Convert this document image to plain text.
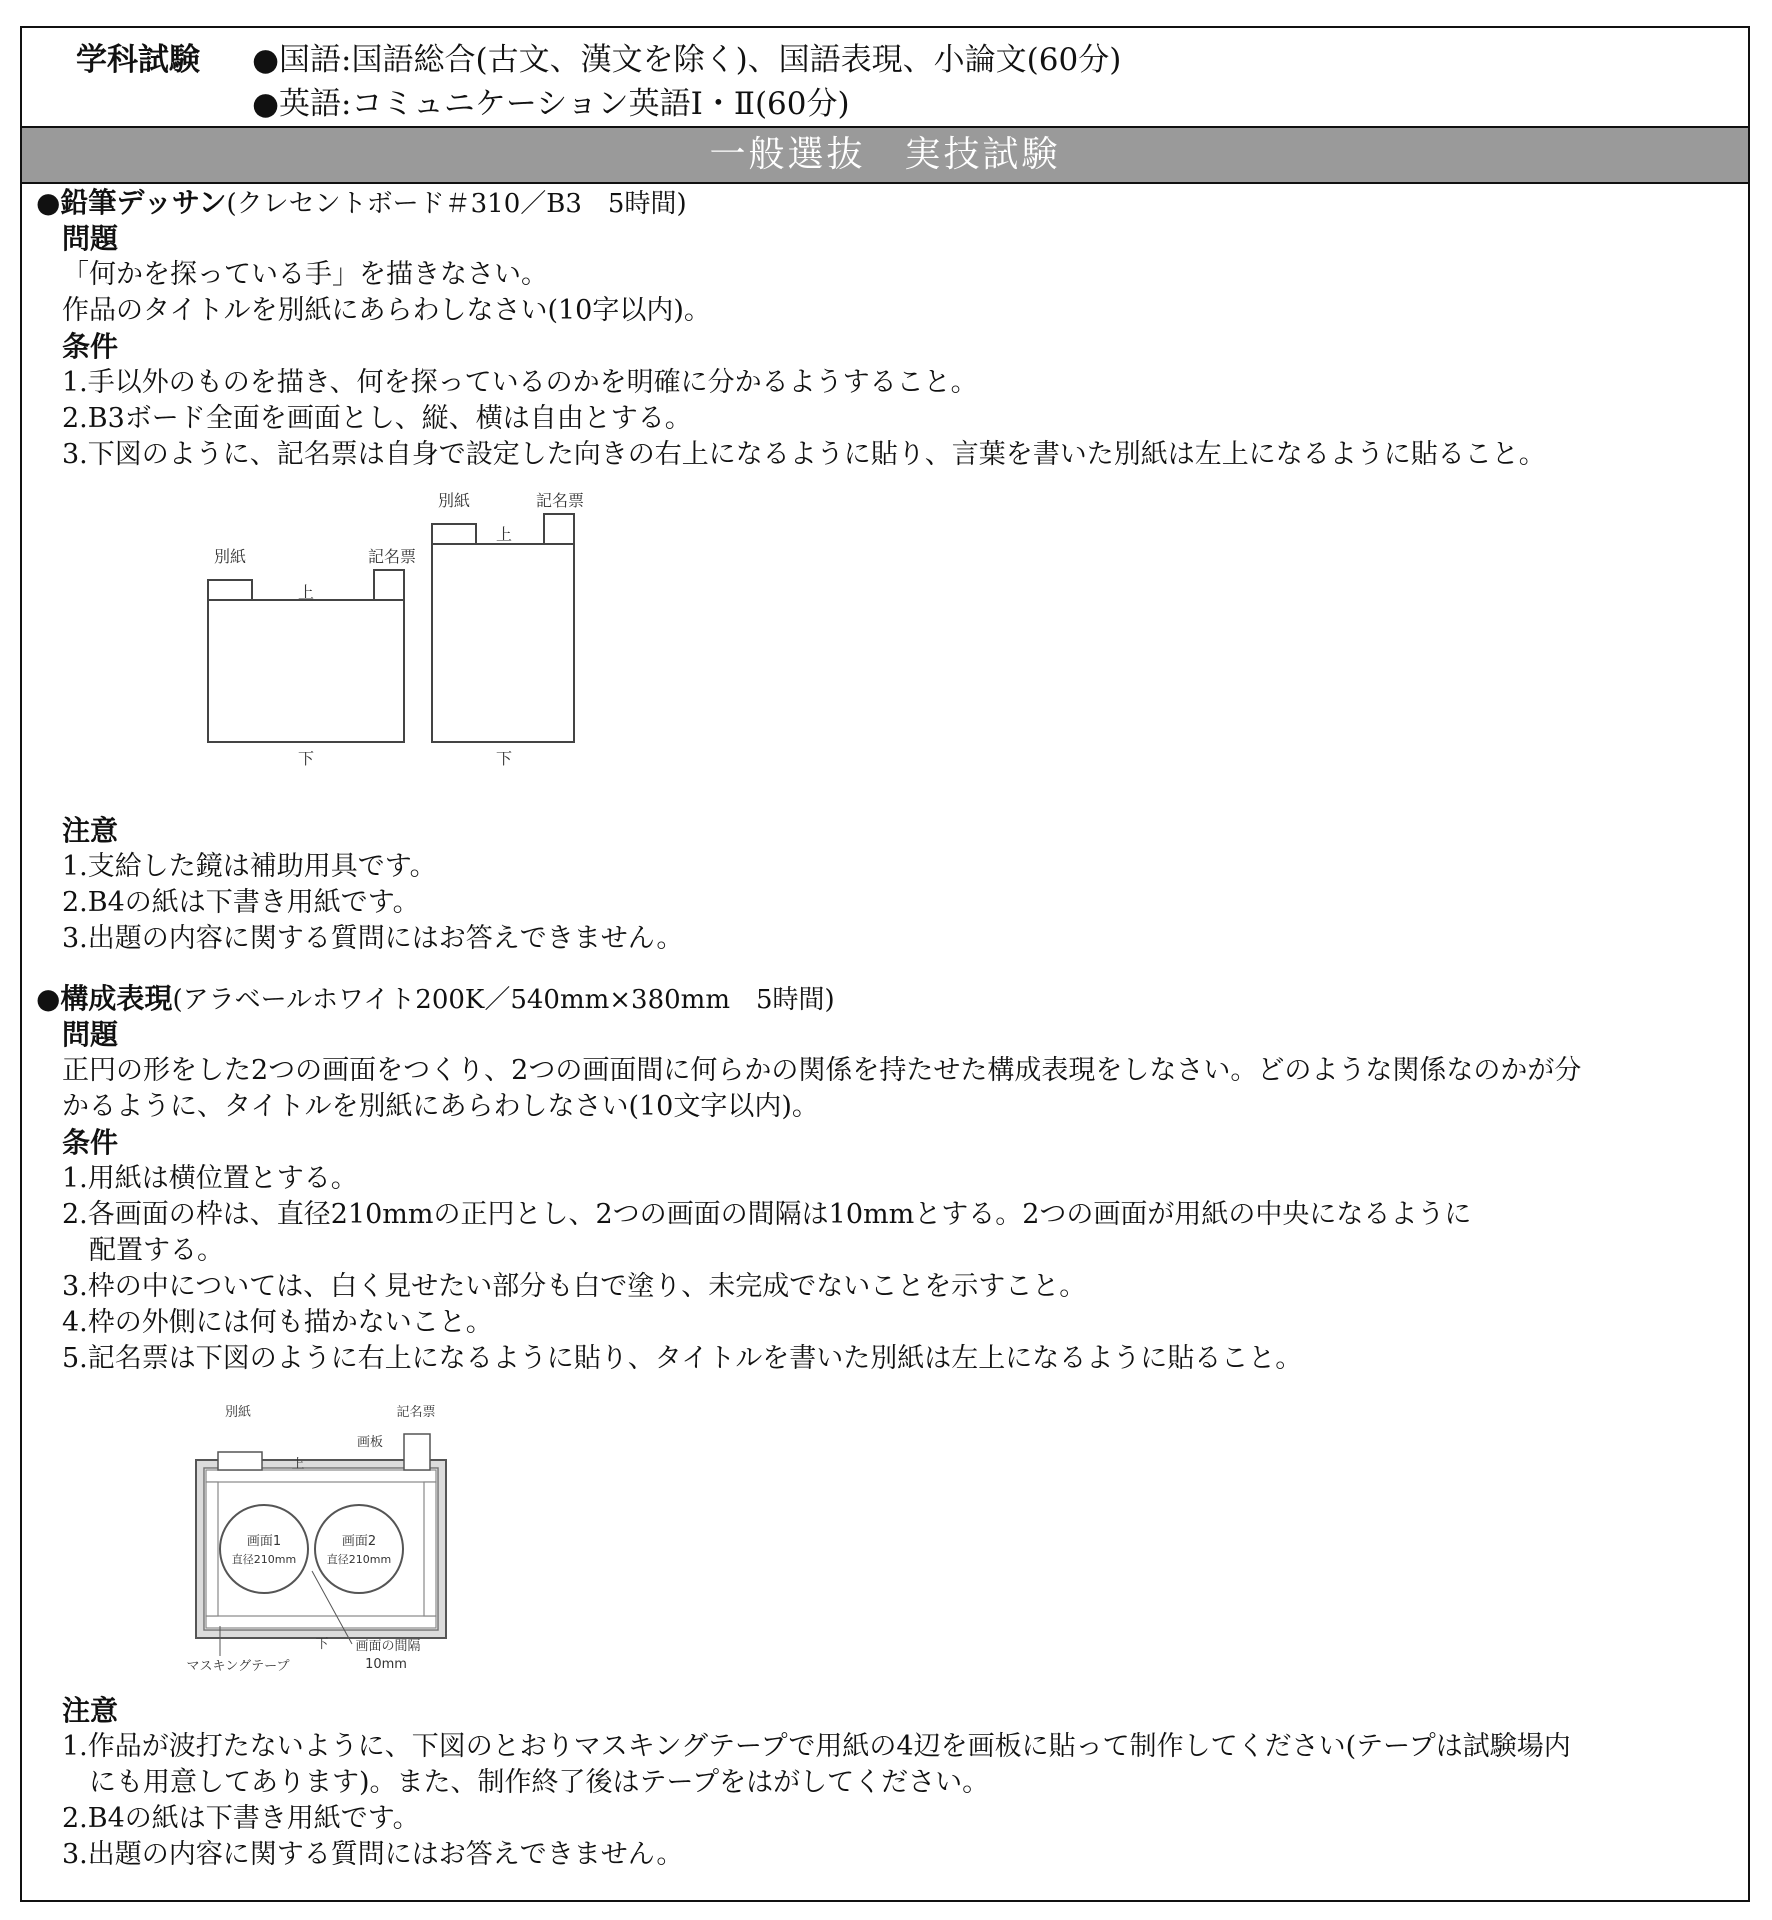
学科試験 ●国語:国語総合(古文、漢文を除く)、国語表現、小論文(60分)
●英語:コミュニケーション英語Ⅰ・Ⅱ(60分)
一般選抜　実技試験
●鉛筆デッサン(クレセントボード＃310／B3　5時間)
問題
「何かを探っている手」を描きなさい。
作品のタイトルを別紙にあらわしなさい(10字以内)。
条件
1.手以外のものを描き、何を探っているのかを明確に分かるようすること。
2.B3ボード全面を画面とし、縦、横は自由とする。
3.下図のように、記名票は自身で設定した向きの右上になるように貼り、言葉を書いた別紙は左上になるように貼ること。
別紙	記名票
上
下
別紙	記名票
上
下
注意
1.支給した鏡は補助用具です。
2.B4の紙は下書き用紙です。
3.出題の内容に関する質問にはお答えできません。
●構成表現(アラベールホワイト200K／540mm×380mm　5時間)
問題
正円の形をした2つの画面をつくり、2つの画面間に何らかの関係を持たせた構成表現をしなさい。どのような関係なのかが分
かるように、タイトルを別紙にあらわしなさい(10文字以内)。
条件
1.用紙は横位置とする。
2.各画面の枠は、直径210mmの正円とし、2つの画面の間隔は10mmとする。2つの画面が用紙の中央になるように
　配置する。
3.枠の中については、白く見せたい部分も白で塗り、未完成でないことを示すこと。
4.枠の外側には何も描かないこと。
5.記名票は下図のように右上になるように貼り、タイトルを書いた別紙は左上になるように貼ること。
別紙	記名票
上
画板
画面1
直径210mm
画面2
直径210mm
下 画面の間隔
10mm
マスキングテープ
注意
1.作品が波打たないように、下図のとおりマスキングテープで用紙の4辺を画板に貼って制作してください(テープは試験場内
　にも用意してあります)。また、制作終了後はテープをはがしてください。
2.B4の紙は下書き用紙です。
3.出題の内容に関する質問にはお答えできません。
